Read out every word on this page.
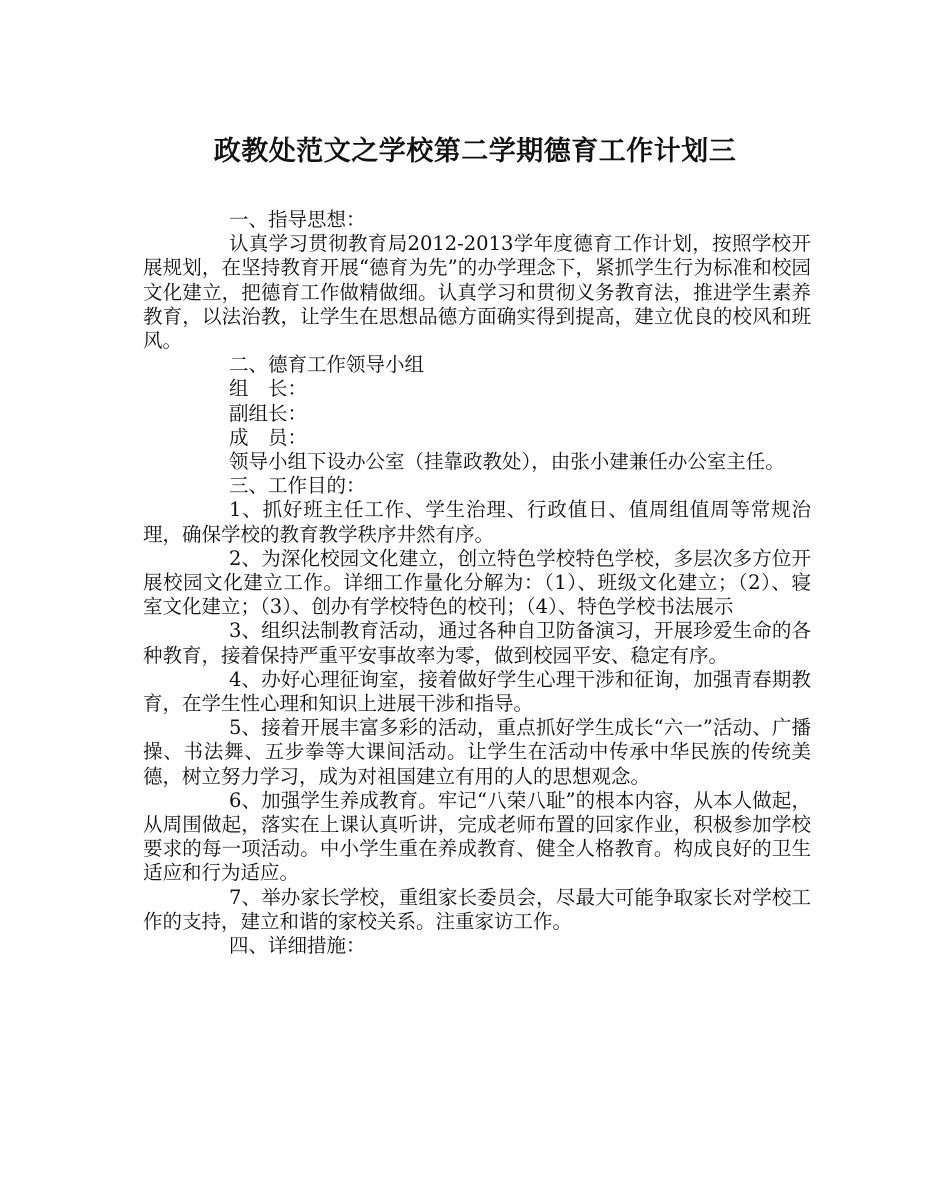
政教处范文之学校第二学期德育工作计划三

一、指导思想：

认真学习贯彻教育局2012-2013学年度德育工作计划，按照学校开展规划，在坚持教育开展“德育为先”的办学理念下，紧抓学生行为标准和校园文化建立，把德育工作做精做细。认真学习和贯彻义务教育法，推进学生素养教育，以法治教，让学生在思想品德方面确实得到提高，建立优良的校风和班风。

二、德育工作领导小组

组　长：

副组长：

成　员：

领导小组下设办公室（挂靠政教处），由张小建兼任办公室主任。

三、工作目的：

1、抓好班主任工作、学生治理、行政值日、值周组值周等常规治理，确保学校的教育教学秩序井然有序。

2、为深化校园文化建立，创立特色学校特色学校，多层次多方位开展校园文化建立工作。详细工作量化分解为：（1）、班级文化建立；（2）、寝室文化建立；（3）、创办有学校特色的校刊；（4）、特色学校书法展示

3、组织法制教育活动，通过各种自卫防备演习，开展珍爱生命的各种教育，接着保持严重平安事故率为零，做到校园平安、稳定有序。

4、办好心理征询室，接着做好学生心理干涉和征询，加强青春期教育，在学生性心理和知识上进展干涉和指导。

5、接着开展丰富多彩的活动，重点抓好学生成长“六一”活动、广播操、书法舞、五步拳等大课间活动。让学生在活动中传承中华民族的传统美德，树立努力学习，成为对祖国建立有用的人的思想观念。

6、加强学生养成教育。牢记“八荣八耻”的根本内容，从本人做起，从周围做起，落实在上课认真听讲，完成老师布置的回家作业，积极参加学校要求的每一项活动。中小学生重在养成教育、健全人格教育。构成良好的卫生适应和行为适应。

7、举办家长学校，重组家长委员会，尽最大可能争取家长对学校工作的支持，建立和谐的家校关系。注重家访工作。

四、详细措施：
